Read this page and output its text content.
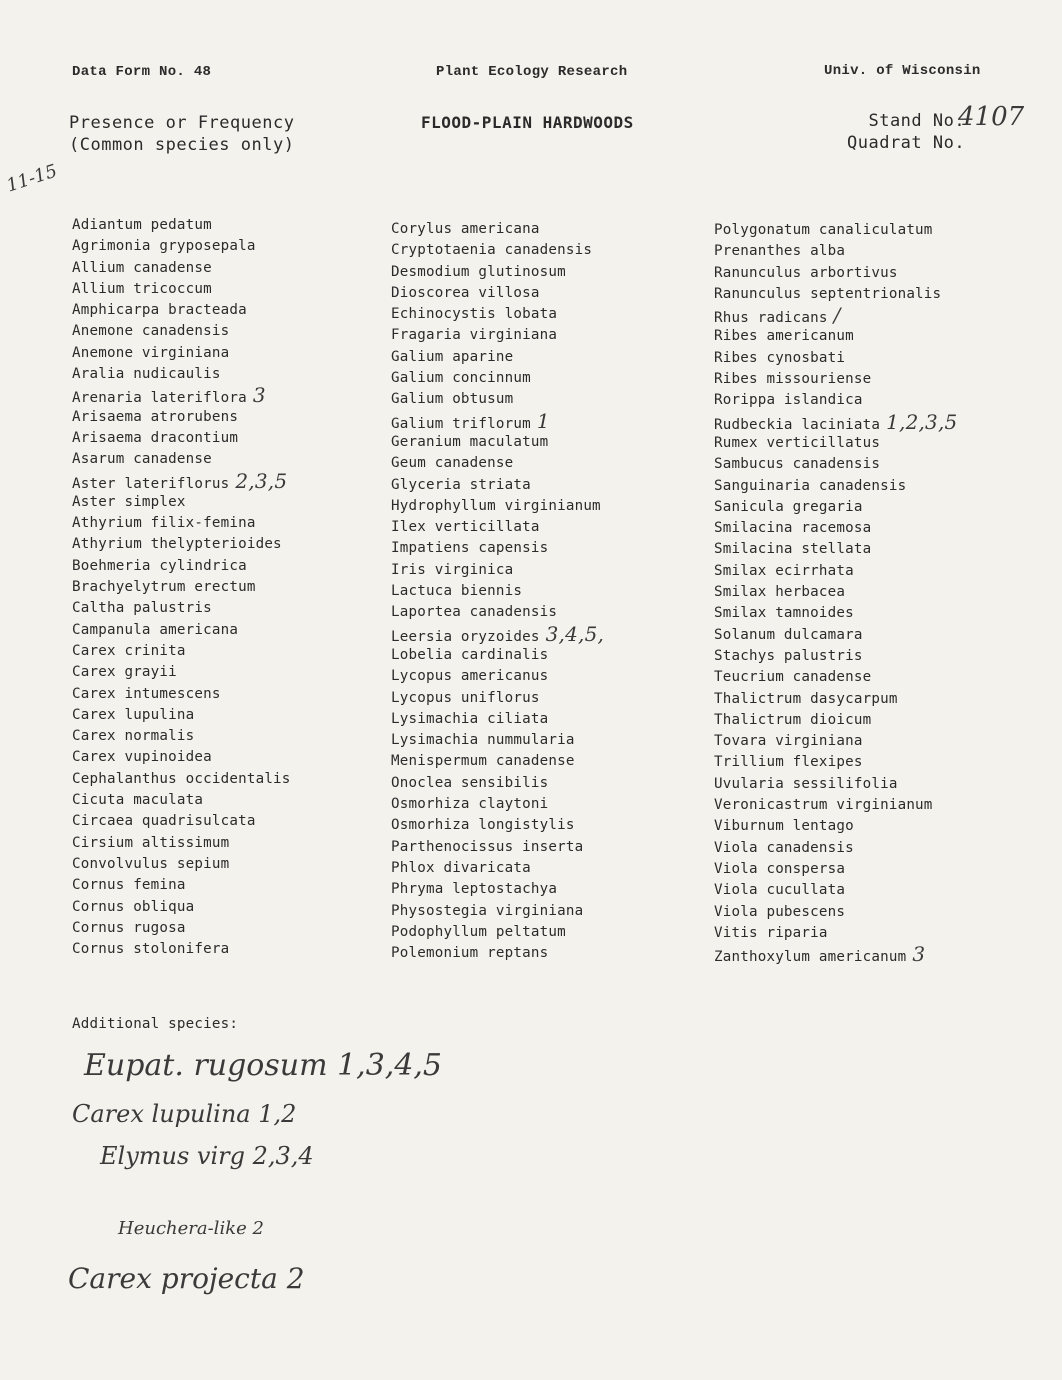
Data Form No. 48	Plant Ecology Research	Univ. of Wisconsin
Presence or Frequency
(Common species only)
FLOOD-PLAIN HARDWOODS	Stand No.
Quadrat No.
4107
11-15
Adiantum pedatum
Agrimonia gryposepala
Allium canadense
Allium tricoccum
Amphicarpa bracteada
Anemone canadensis
Anemone virginiana
Aralia nudicaulis
Arenaria lateriflora 3
Arisaema atrorubens
Arisaema dracontium
Asarum canadense
Aster lateriflorus 2,3,5
Aster simplex
Athyrium filix-femina
Athyrium thelypterioides
Boehmeria cylindrica
Brachyelytrum erectum
Caltha palustris
Campanula americana
Carex crinita
Carex grayii
Carex intumescens
Carex lupulina
Carex normalis
Carex vupinoidea
Cephalanthus occidentalis
Cicuta maculata
Circaea quadrisulcata
Cirsium altissimum
Convolvulus sepium
Cornus femina
Cornus obliqua
Cornus rugosa
Cornus stolonifera
Corylus americana
Cryptotaenia canadensis
Desmodium glutinosum
Dioscorea villosa
Echinocystis lobata
Fragaria virginiana
Galium aparine
Galium concinnum
Galium obtusum
Galium triflorum 1
Geranium maculatum
Geum canadense
Glyceria striata
Hydrophyllum virginianum
Ilex verticillata
Impatiens capensis
Iris virginica
Lactuca biennis
Laportea canadensis
Leersia oryzoides 3,4,5,
Lobelia cardinalis
Lycopus americanus
Lycopus uniflorus
Lysimachia ciliata
Lysimachia nummularia
Menispermum canadense
Onoclea sensibilis
Osmorhiza claytoni
Osmorhiza longistylis
Parthenocissus inserta
Phlox divaricata
Phryma leptostachya
Physostegia virginiana
Podophyllum peltatum
Polemonium reptans
Polygonatum canaliculatum
Prenanthes alba
Ranunculus arbortivus
Ranunculus septentrionalis
Rhus radicans /
Ribes americanum
Ribes cynosbati
Ribes missouriense
Rorippa islandica
Rudbeckia laciniata 1,2,3,5
Rumex verticillatus
Sambucus canadensis
Sanguinaria canadensis
Sanicula gregaria
Smilacina racemosa
Smilacina stellata
Smilax ecirrhata
Smilax herbacea
Smilax tamnoides
Solanum dulcamara
Stachys palustris
Teucrium canadense
Thalictrum dasycarpum
Thalictrum dioicum
Tovara virginiana
Trillium flexipes
Uvularia sessilifolia
Veronicastrum virginianum
Viburnum lentago
Viola canadensis
Viola conspersa
Viola cucullata
Viola pubescens
Vitis riparia
Zanthoxylum americanum 3
Additional species:
Eupat. rugosum 1,3,4,5
Carex lupulina 1,2
Elymus virg 2,3,4
Heuchera-like 2
Carex projecta 2
